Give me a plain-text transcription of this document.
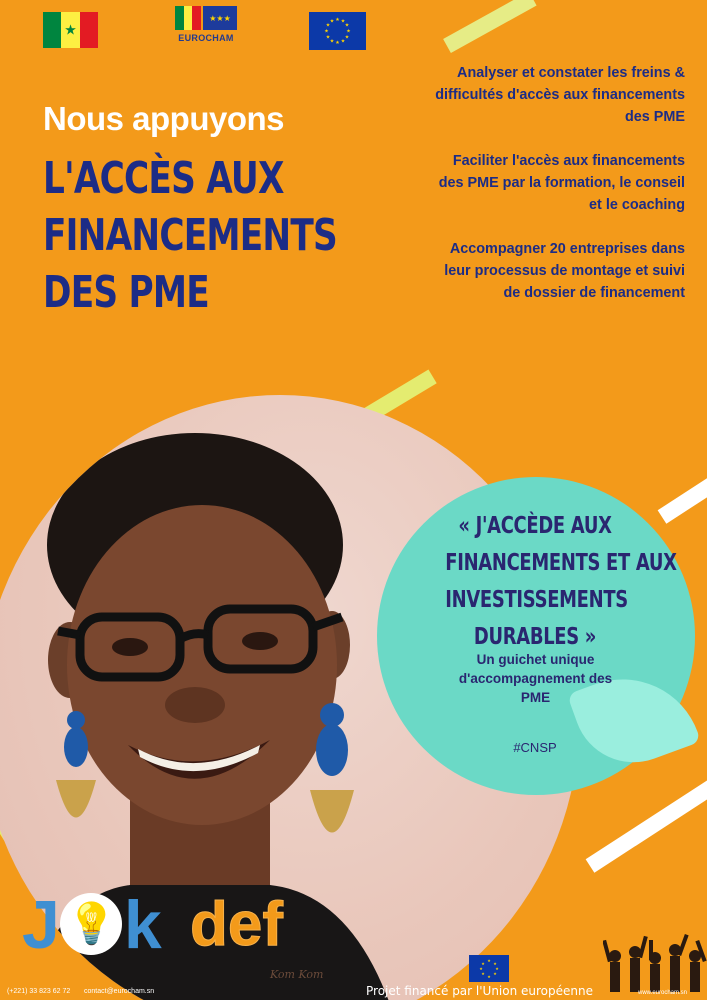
★
★★★
EUROCHAM
★ ★
★
★
★
★
★
★
★
★
★
★
Nous appuyons
L'ACCÈS AUX
FINANCEMENTS
DES PME

Analyser et constater les freins & difficultés d'accès aux financements des PME

Faciliter l'accès aux financements des PME par la formation, le conseil et le coaching

Accompagner 20 entreprises dans leur processus de montage et suivi de dossier de financement

« J'ACCÈDE AUX
FINANCEMENTS ET AUX
INVESTISSEMENTS
DURABLES »
Un guichet unique d'accompagnement des PME
#CNSP
J 💡 k def
Kom Kom
(+221) 33 823 62 72 contact@eurocham.sn
★
★
★
★
★
★
★
★
Projet financé par l'Union européenne	www.eurocham.sn
